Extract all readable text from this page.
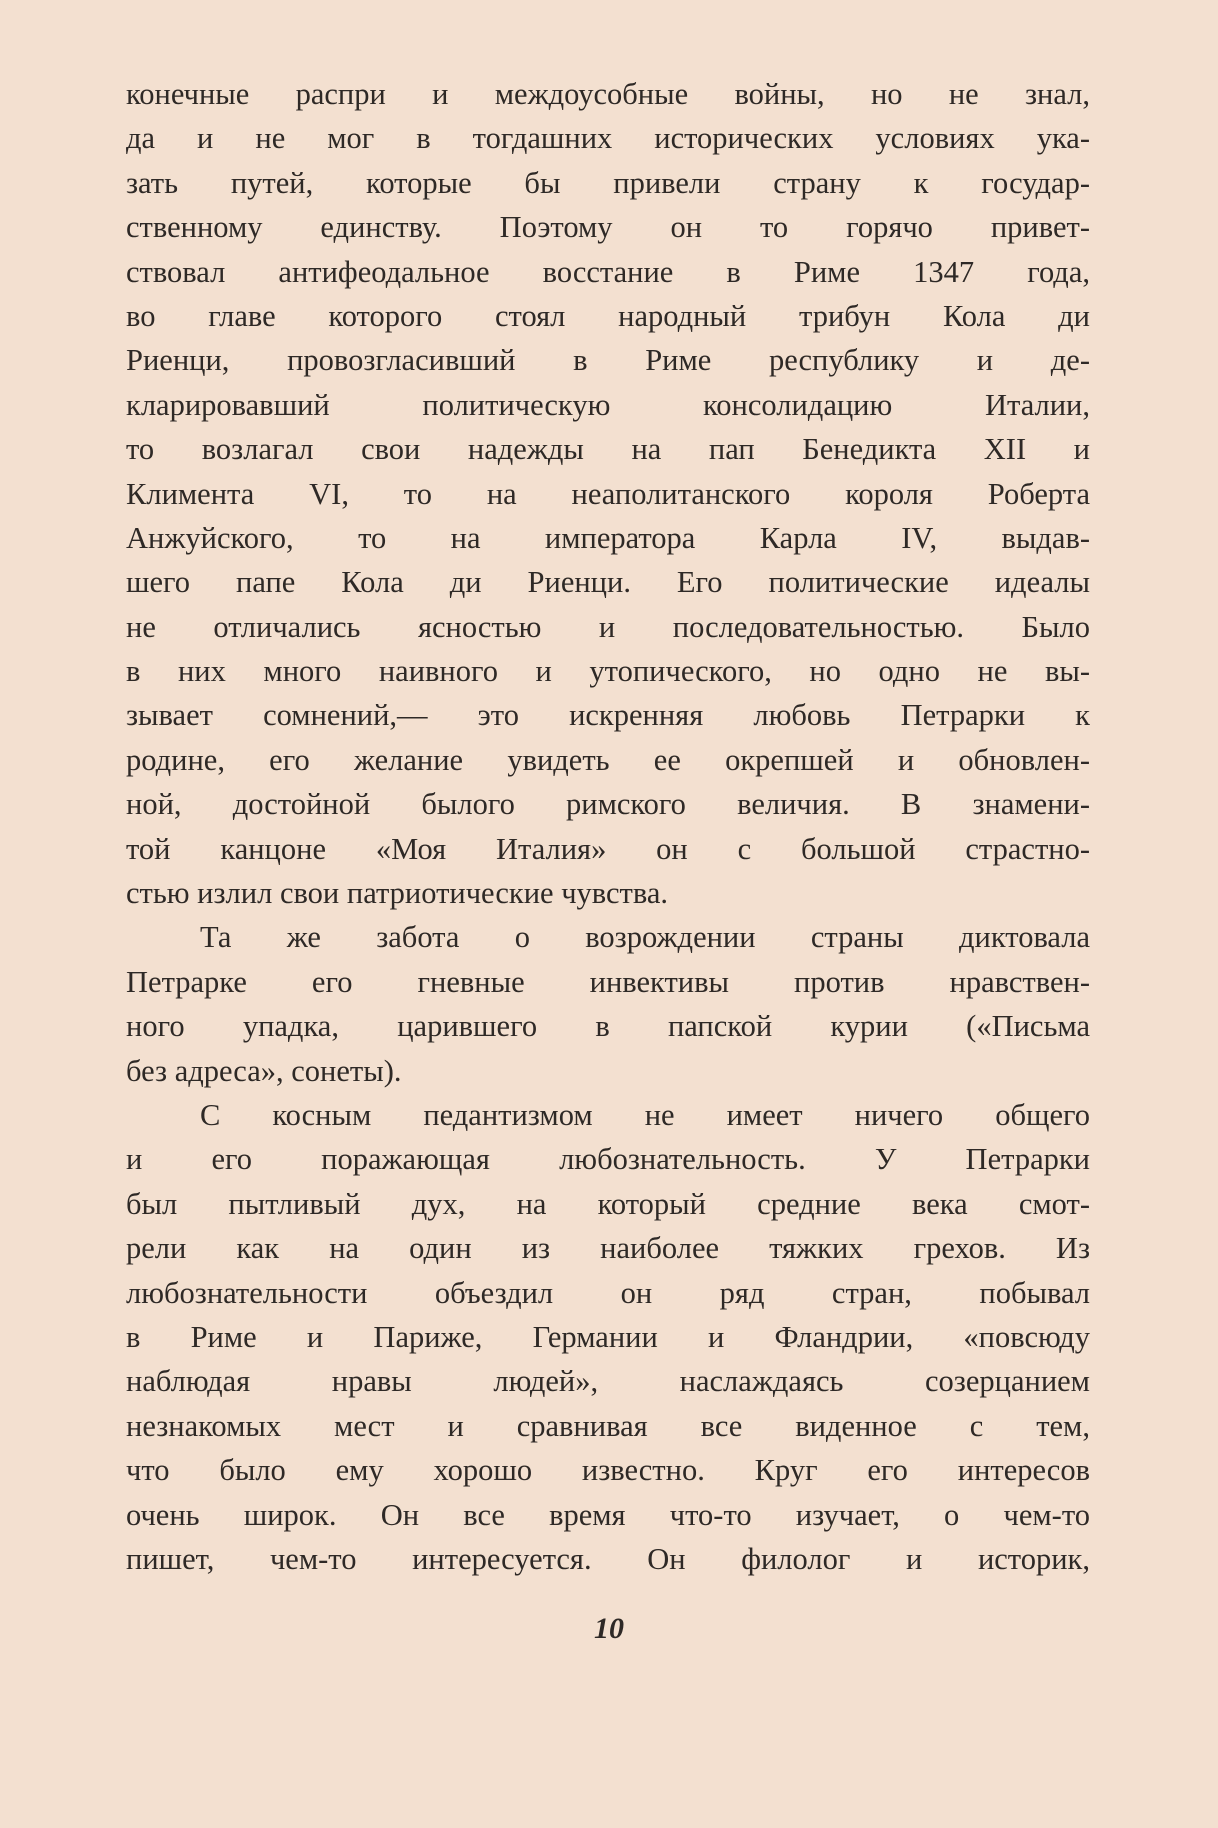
конечные распри и междоусобные войны, но не знал,
да и не мог в тогдашних исторических условиях ука-
зать путей, которые бы привели страну к государ-
ственному единству. Поэтому он то горячо привет-
ствовал антифеодальное восстание в Риме 1347 года,
во главе которого стоял народный трибун Кола ди
Риенци, провозгласивший в Риме республику и де-
кларировавший политическую консолидацию Италии,
то возлагал свои надежды на пап Бенедикта XII и
Климента VI, то на неаполитанского короля Роберта
Анжуйского, то на императора Карла IV, выдав-
шего папе Кола ди Риенци. Его политические идеалы
не отличались ясностью и последовательностью. Было
в них много наивного и утопического, но одно не вы-
зывает сомнений,— это искренняя любовь Петрарки к
родине, его желание увидеть ее окрепшей и обновлен-
ной, достойной былого римского величия. В знамени-
той канцоне «Моя Италия» он с большой страстно-
стью излил свои патриотические чувства.
Та же забота о возрождении страны диктовала
Петрарке его гневные инвективы против нравствен-
ного упадка, царившего в папской курии («Письма
без адреса», сонеты).
С косным педантизмом не имеет ничего общего
и его поражающая любознательность. У Петрарки
был пытливый дух, на который средние века смот-
рели как на один из наиболее тяжких грехов. Из
любознательности объездил он ряд стран, побывал
в Риме и Париже, Германии и Фландрии, «повсюду
наблюдая нравы людей», наслаждаясь созерцанием
незнакомых мест и сравнивая все виденное с тем,
что было ему хорошо известно. Круг его интересов
очень широк. Он все время что-то изучает, о чем-то
пишет, чем-то интересуется. Он филолог и историк,
10
